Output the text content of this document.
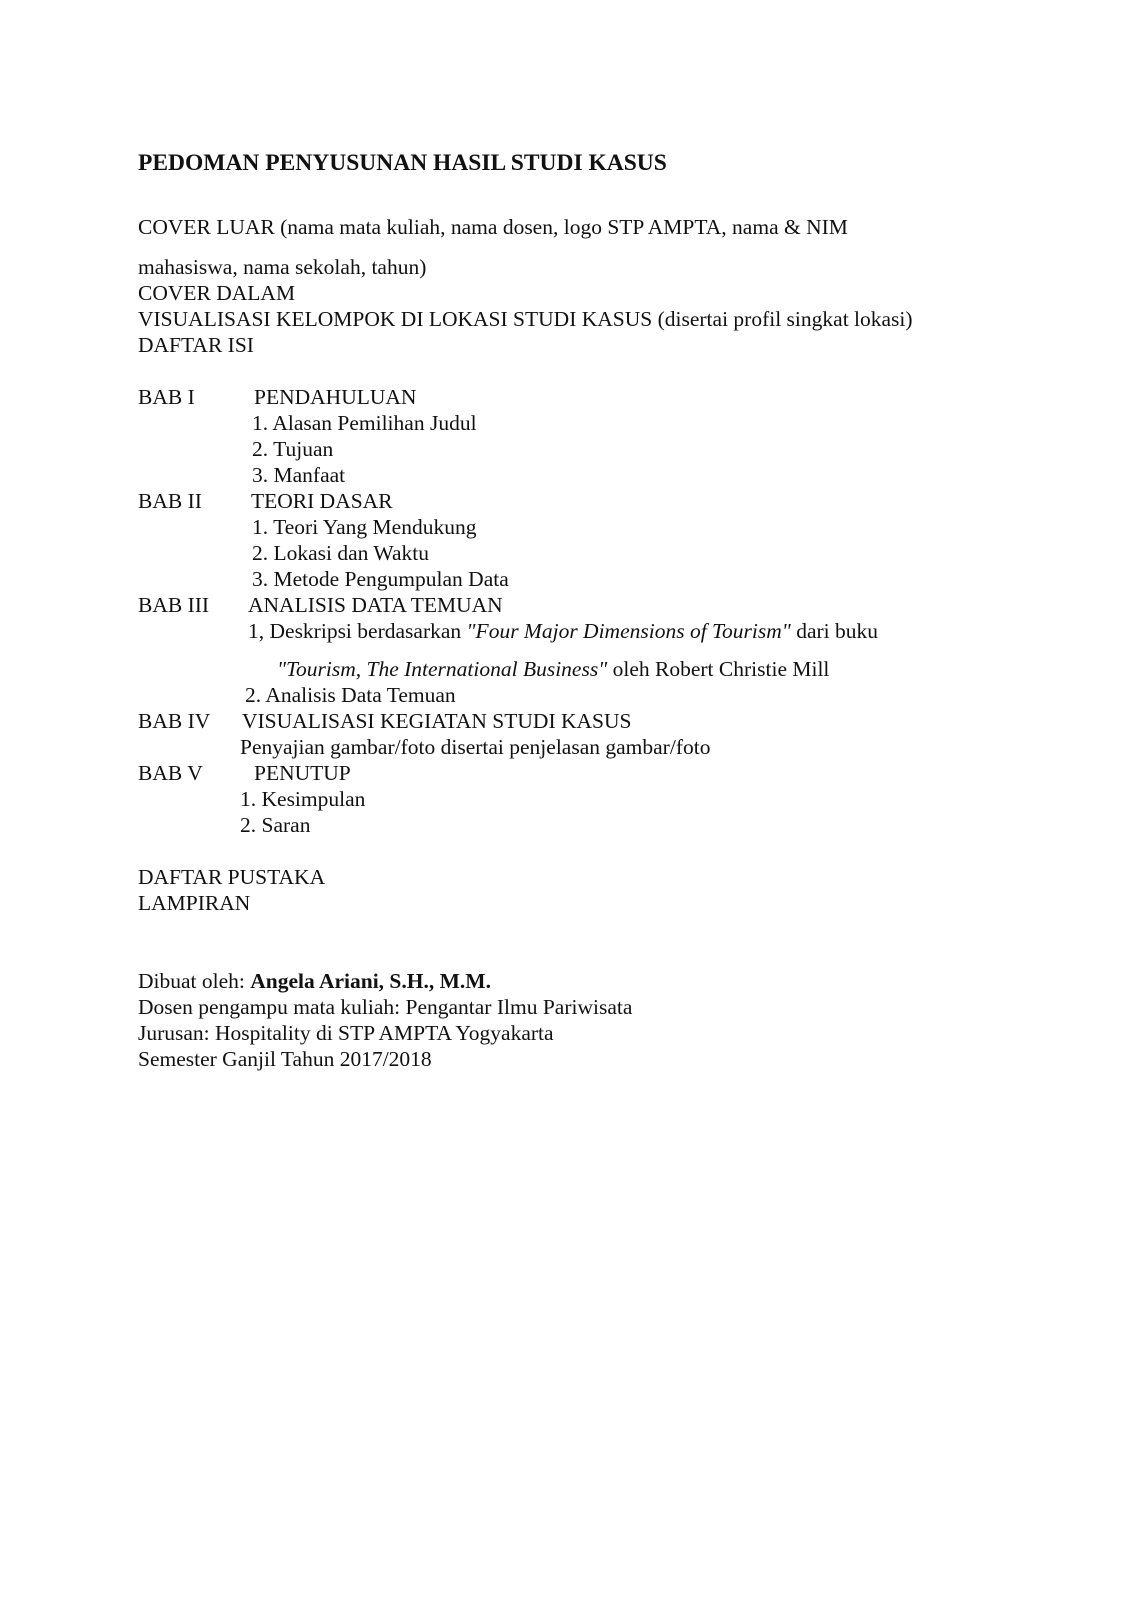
PEDOMAN PENYUSUNAN HASIL STUDI KASUS
COVER LUAR (nama mata kuliah, nama dosen, logo STP AMPTA, nama & NIM
mahasiswa, nama sekolah, tahun)
COVER DALAM
VISUALISASI KELOMPOK DI LOKASI STUDI KASUS (disertai profil singkat lokasi)
DAFTAR ISI
BAB I	PENDAHULUAN
1. Alasan Pemilihan Judul
2. Tujuan
3. Manfaat
BAB II TEORI DASAR
1. Teori Yang Mendukung
2. Lokasi dan Waktu
3. Metode Pengumpulan Data
BAB III ANALISIS DATA TEMUAN
1, Deskripsi berdasarkan "Four Major Dimensions of Tourism" dari buku
"Tourism, The International Business" oleh Robert Christie Mill
2. Analisis Data Temuan
BAB IV VISUALISASI KEGIATAN STUDI KASUS
Penyajian gambar/foto disertai penjelasan gambar/foto
BAB V PENUTUP
1. Kesimpulan
2. Saran
DAFTAR PUSTAKA
LAMPIRAN
Dibuat oleh: Angela Ariani, S.H., M.M.
Dosen pengampu mata kuliah: Pengantar Ilmu Pariwisata
Jurusan: Hospitality di STP AMPTA Yogyakarta
Semester Ganjil Tahun 2017/2018
